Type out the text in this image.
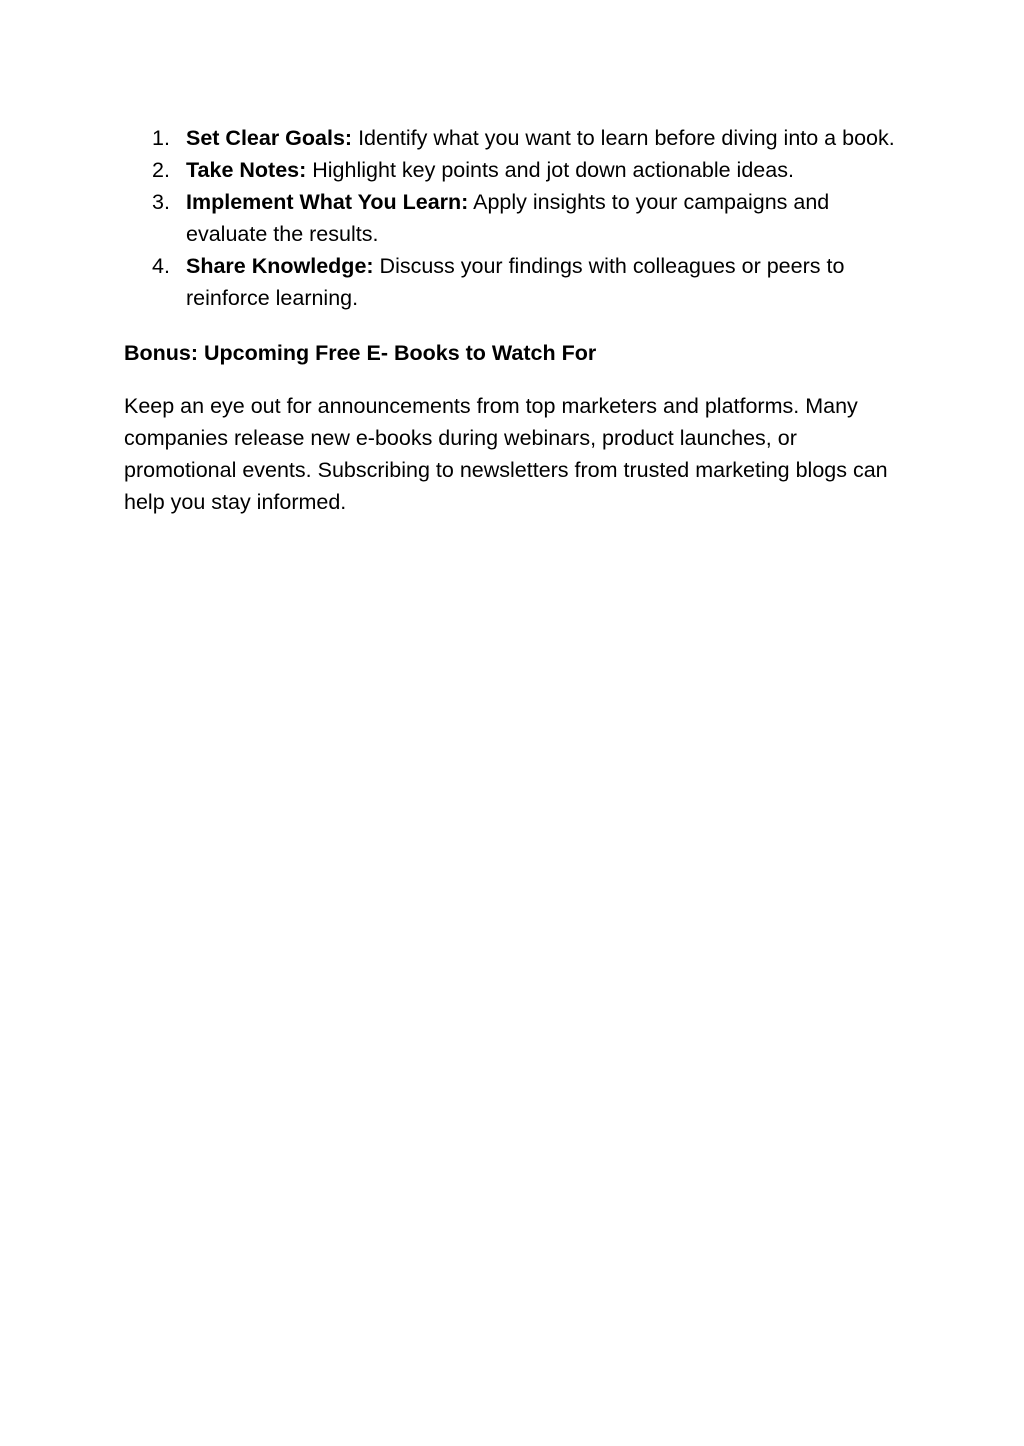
1. Set Clear Goals: Identify what you want to learn before diving into a book.
2. Take Notes: Highlight key points and jot down actionable ideas.
3. Implement What You Learn: Apply insights to your campaigns and evaluate the results.
4. Share Knowledge: Discuss your findings with colleagues or peers to reinforce learning.
Bonus: Upcoming Free E- Books to Watch For

Keep an eye out for announcements from top marketers and platforms. Many companies release new e-books during webinars, product launches, or promotional events. Subscribing to newsletters from trusted marketing blogs can help you stay informed.
